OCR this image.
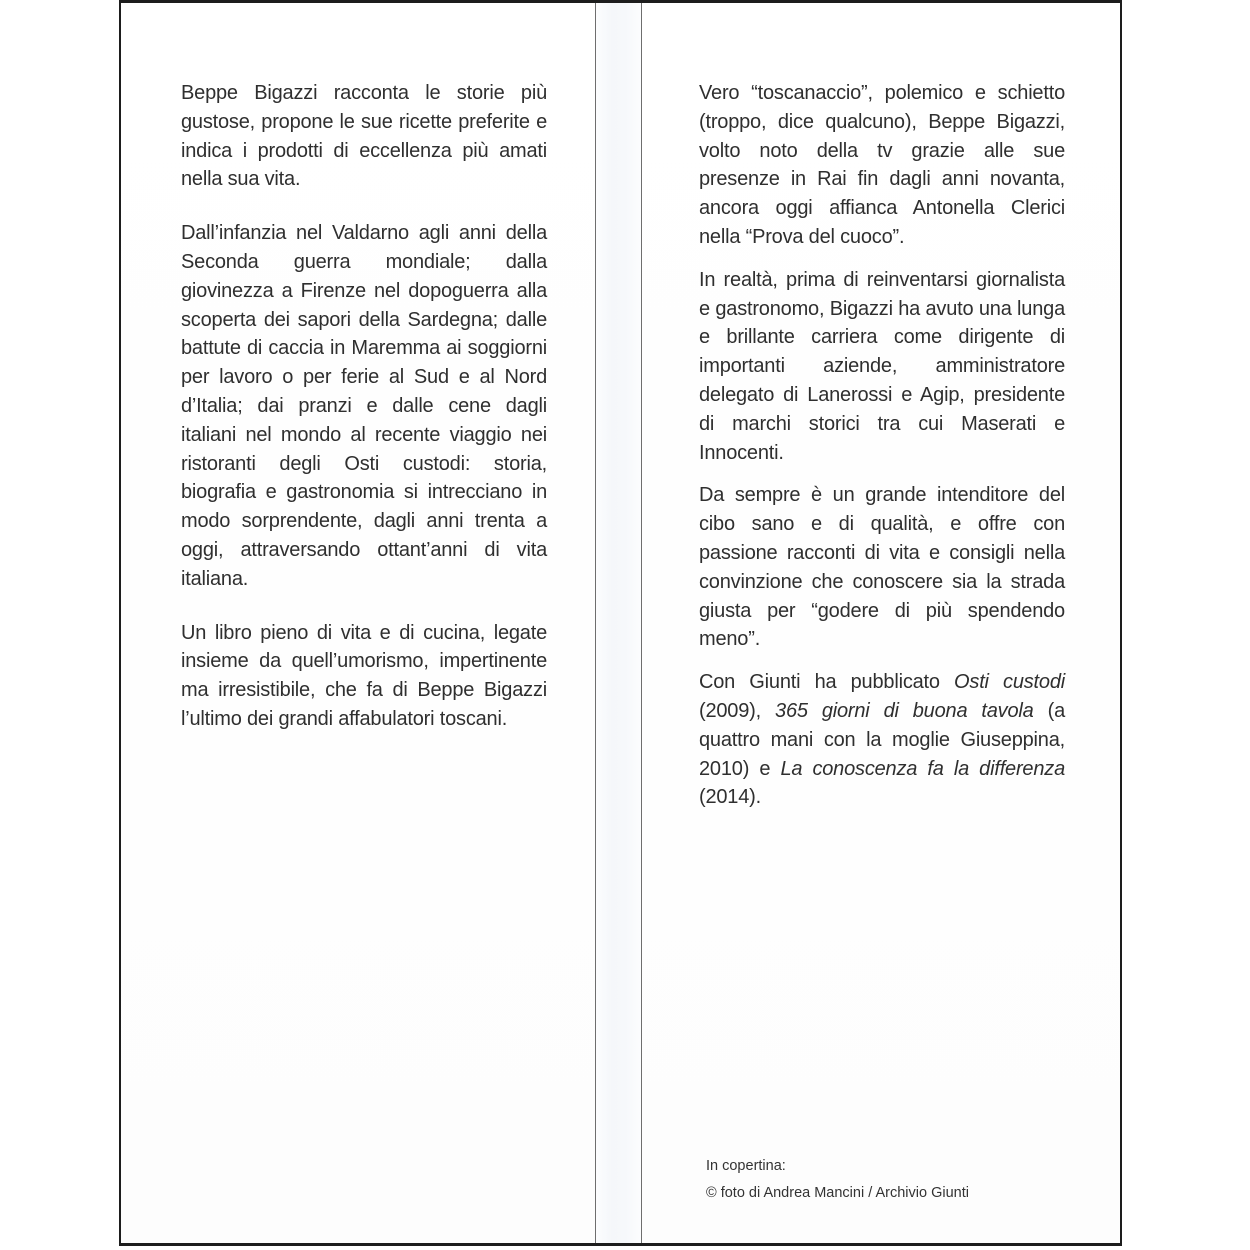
Beppe Bigazzi racconta le storie più gustose, propone le sue ricette preferite e indica i prodotti di eccellenza più amati nella sua vita.

Dall’infanzia nel Valdarno agli anni della Seconda guerra mondiale; dalla giovinezza a Firenze nel dopoguerra alla scoperta dei sapori della Sardegna; dalle battute di caccia in Maremma ai soggiorni per lavoro o per ferie al Sud e al Nord d’Italia; dai pranzi e dalle cene dagli italiani nel mondo al recente viaggio nei ristoranti degli Osti custodi: storia, biografia e gastronomia si intrecciano in modo sorprendente, dagli anni trenta a oggi, attraversando ottant’anni di vita italiana.

Un libro pieno di vita e di cucina, legate insieme da quell’umorismo, impertinente ma irresistibile, che fa di Beppe Bigazzi l’ultimo dei grandi affabulatori toscani.

Vero “toscanaccio”, polemico e schietto (troppo, dice qualcuno), Beppe Bigazzi, volto noto della tv grazie alle sue presenze in Rai fin dagli anni novanta, ancora oggi affianca Antonella Clerici nella “Prova del cuoco”.

In realtà, prima di reinventarsi giornalista e gastronomo, Bigazzi ha avuto una lunga e brillante carriera come dirigente di importanti aziende, amministratore delegato di Lanerossi e Agip, presidente di marchi storici tra cui Maserati e Innocenti.

Da sempre è un grande intenditore del cibo sano e di qualità, e offre con passione racconti di vita e consigli nella convinzione che conoscere sia la strada giusta per “godere di più spendendo meno”.

Con Giunti ha pubblicato Osti custodi (2009), 365 giorni di buona tavola (a quattro mani con la moglie Giuseppina, 2010) e La conoscenza fa la differenza (2014).

In copertina:
© foto di Andrea Mancini / Archivio Giunti
